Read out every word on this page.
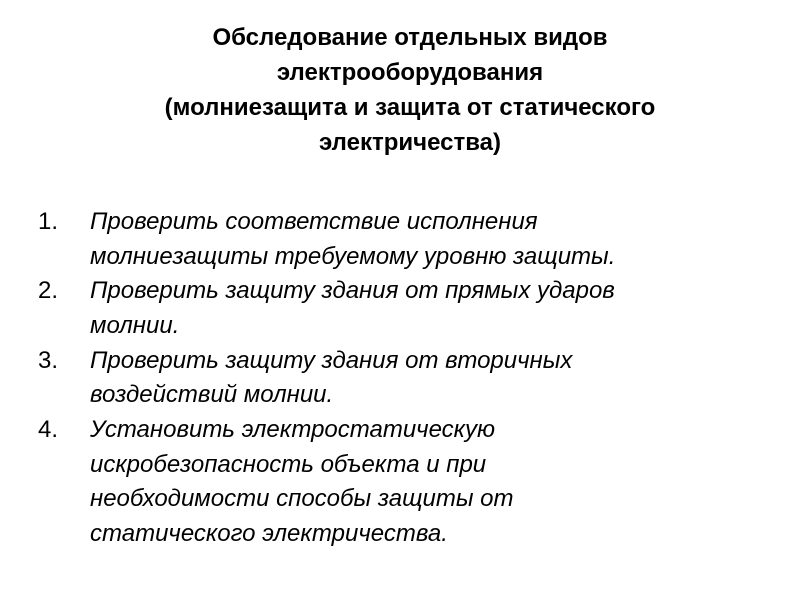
Обследование отдельных видов
электрооборудования
(молниезащита и защита от статического
электричества)
1. Проверить соответствие исполнения
молниезащиты требуемому уровню защиты.
2. Проверить защиту здания от прямых ударов
молнии.
3. Проверить защиту здания от вторичных
воздействий молнии.
4. Установить электростатическую
искробезопасность объекта и при
необходимости способы защиты от
статического электричества.
